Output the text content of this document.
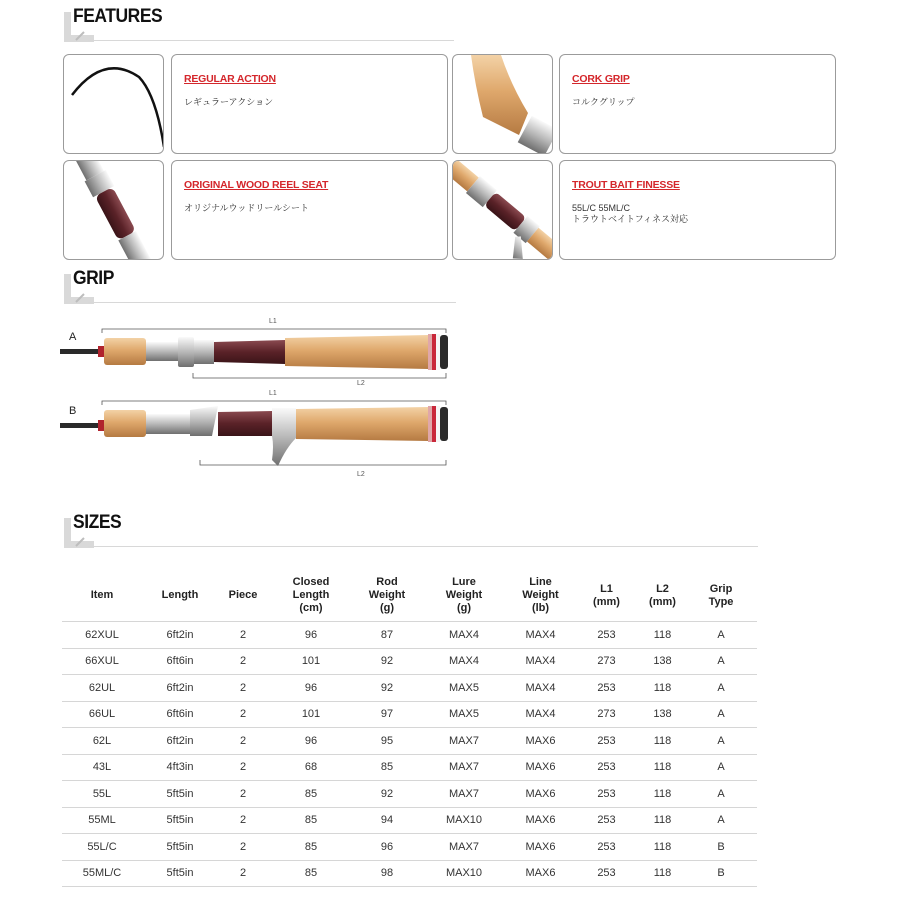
FEATURES
REGULAR ACTION
レギュラーアクション
CORK GRIP
コルクグリップ
ORIGINAL WOOD REEL SEAT
オリジナルウッドリールシート
TROUT BAIT FINESSE
55L/C 55ML/C
トラウトベイトフィネス対応
GRIP
A
L1
L2
B
L1
L2
SIZES
Item	Length	Piece	Closed
Length
(cm)	Rod
Weight
(g)	Lure
Weight
(g)	Line
Weight
(lb)	L1
(mm)	L2
(mm)	Grip
Type
62XUL	6ft2in	2	96	87	MAX4	MAX4	253	118	A
66XUL	6ft6in	2	101	92	MAX4	MAX4	273	138	A
62UL	6ft2in	2	96	92	MAX5	MAX4	253	118	A
66UL	6ft6in	2	101	97	MAX5	MAX4	273	138	A
62L	6ft2in	2	96	95	MAX7	MAX6	253	118	A
43L	4ft3in	2	68	85	MAX7	MAX6	253	118	A
55L	5ft5in	2	85	92	MAX7	MAX6	253	118	A
55ML	5ft5in	2	85	94	MAX10	MAX6	253	118	A
55L/C	5ft5in	2	85	96	MAX7	MAX6	253	118	B
55ML/C	5ft5in	2	85	98	MAX10	MAX6	253	118	B
